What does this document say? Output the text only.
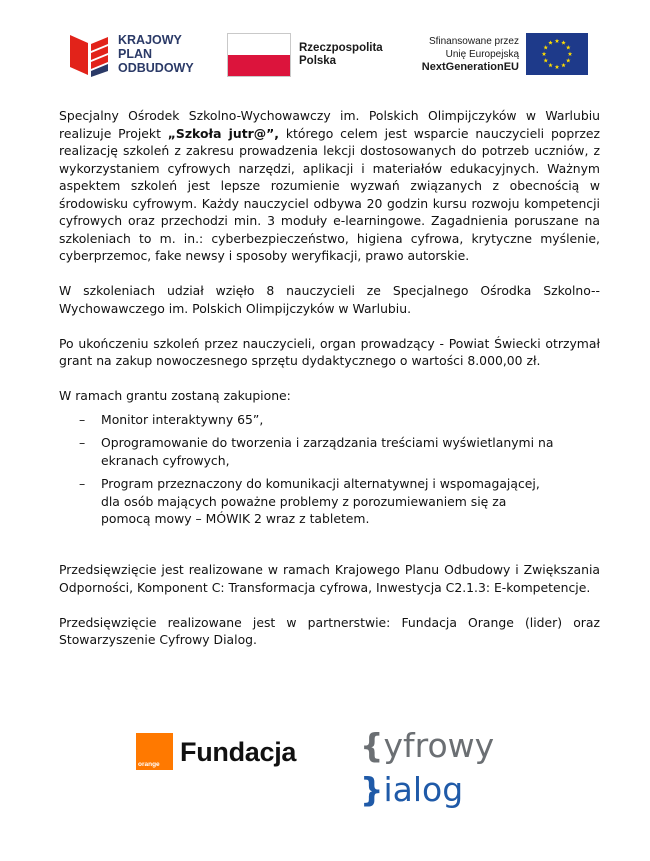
KRAJOWY
PLAN
ODBUDOWY
Rzeczpospolita
Polska
Sfinansowane przez
Unię Europejską
NextGenerationEU

Specjalny Ośrodek Szkolno-Wychowawczy im. Polskich Olimpijczyków w Warlubiu realizuje Projekt „Szkoła jutr@”, którego celem jest wsparcie nauczycieli poprzez realizację szkoleń z zakresu prowadzenia lekcji dostosowanych do potrzeb uczniów, z wykorzystaniem cyfrowych narzędzi, aplikacji i materiałów edukacyjnych. Ważnym aspektem szkoleń jest lepsze rozumienie wyzwań związanych z obecnością w środowisku cyfrowym. Każdy nauczyciel odbywa 20 godzin kursu rozwoju kompetencji cyfrowych oraz przechodzi min. 3 moduły e-learningowe. Zagadnienia poruszane na szkoleniach to m. in.: cyberbezpieczeństwo, higiena cyfrowa, krytyczne myślenie, cyberprzemoc, fake newsy i sposoby weryfikacji, prawo autorskie.

W szkoleniach udział wzięło 8 nauczycieli ze Specjalnego Ośrodka Szkolno--Wychowawczego im. Polskich Olimpijczyków w Warlubiu.

Po ukończeniu szkoleń przez nauczycieli, organ prowadzący - Powiat Świecki otrzymał grant na zakup nowoczesnego sprzętu dydaktycznego o wartości 8.000,00 zł.

W ramach grantu zostaną zakupione:

– Monitor interaktywny 65”,
– Oprogramowanie do tworzenia i zarządzania treściami wyświetlanymi na ekranach cyfrowych,
– Program przeznaczony do komunikacji alternatywnej i wspomagającej, dla osób mających poważne problemy z porozumiewaniem się za pomocą mowy – MÓWIK 2 wraz z tabletem.

Przedsięwzięcie jest realizowane w ramach Krajowego Planu Odbudowy i Zwiększania Odporności, Komponent C: Transformacja cyfrowa, Inwestycja C2.1.3: E-kompetencje.

Przedsięwzięcie realizowane jest w partnerstwie: Fundacja Orange (lider) oraz Stowarzyszenie Cyfrowy Dialog.

orange Fundacja {yfrowy
}ialog
